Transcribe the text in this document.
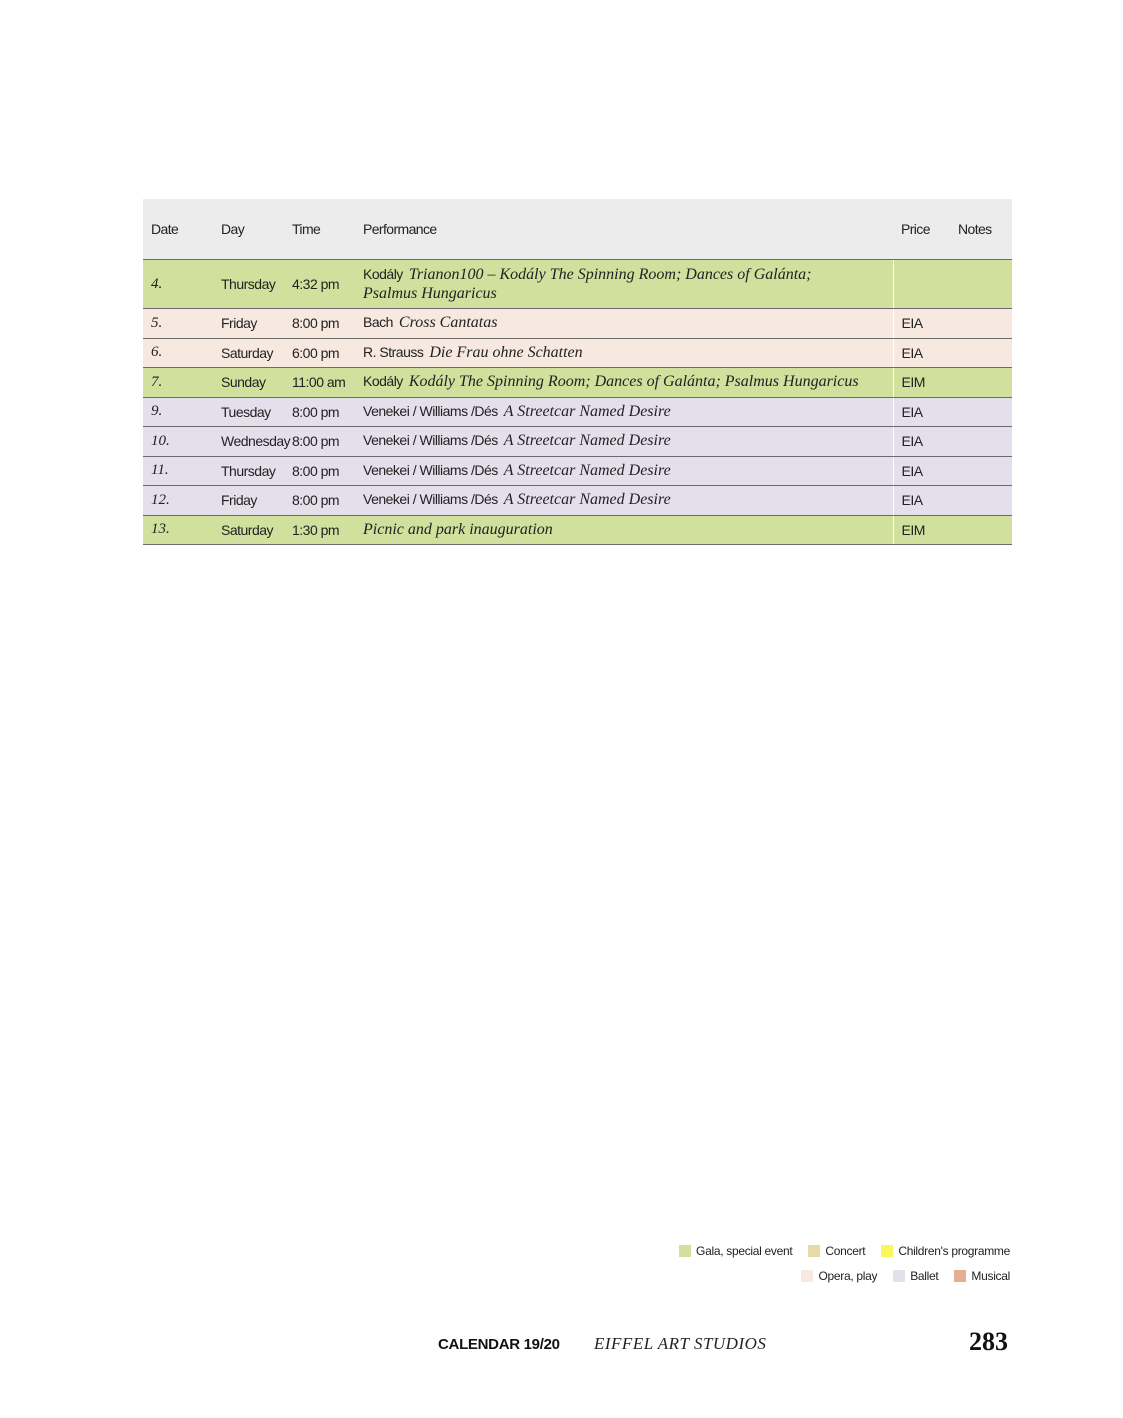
Date	Day	Time	Performance	Price	Notes
4.	Thursday	4:32 pm	Kodály Trianon100 – Kodály The Spinning Room; Dances of Galánta;
Psalmus Hungaricus		

5.	Friday	8:00 pm	Bach Cross Cantatas	EIA	
6.	Saturday	6:00 pm	R. Strauss Die Frau ohne Schatten	EIA	
7.	Sunday	11:00 am	Kodály Kodály The Spinning Room; Dances of Galánta; Psalmus Hungaricus	EIM	
9.	Tuesday	8:00 pm	Venekei / Williams /Dés A Streetcar Named Desire	EIA	
10.	Wednesday	8:00 pm	Venekei / Williams /Dés A Streetcar Named Desire	EIA	
11.	Thursday	8:00 pm	Venekei / Williams /Dés A Streetcar Named Desire	EIA	
12.	Friday	8:00 pm	Venekei / Williams /Dés A Streetcar Named Desire	EIA	
13.	Saturday	1:30 pm	Picnic and park inauguration	EIM	
Gala, special event	Concert	Children's programme
Opera, play	Ballet	Musical
CALENDAR 19/20 EIFFEL ART STUDIOS	283
